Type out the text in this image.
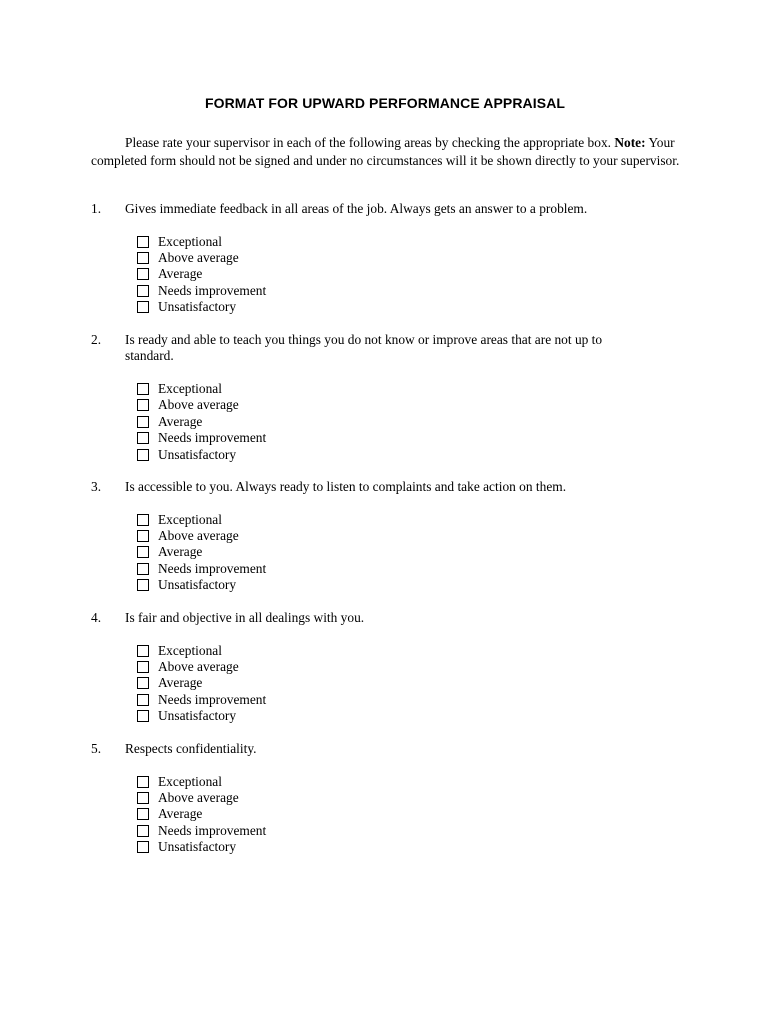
FORMAT FOR UPWARD PERFORMANCE APPRAISAL
Please rate your supervisor in each of the following areas by checking the appropriate box. Note: Your completed form should not be signed and under no circumstances will it be shown directly to your supervisor.
1. Gives immediate feedback in all areas of the job. Always gets an answer to a problem.
Exceptional
Above average
Average
Needs improvement
Unsatisfactory
2. Is ready and able to teach you things you do not know or improve areas that are not up to standard.
Exceptional
Above average
Average
Needs improvement
Unsatisfactory
3. Is accessible to you. Always ready to listen to complaints and take action on them.
Exceptional
Above average
Average
Needs improvement
Unsatisfactory
4. Is fair and objective in all dealings with you.
Exceptional
Above average
Average
Needs improvement
Unsatisfactory
5. Respects confidentiality.
Exceptional
Above average
Average
Needs improvement
Unsatisfactory
